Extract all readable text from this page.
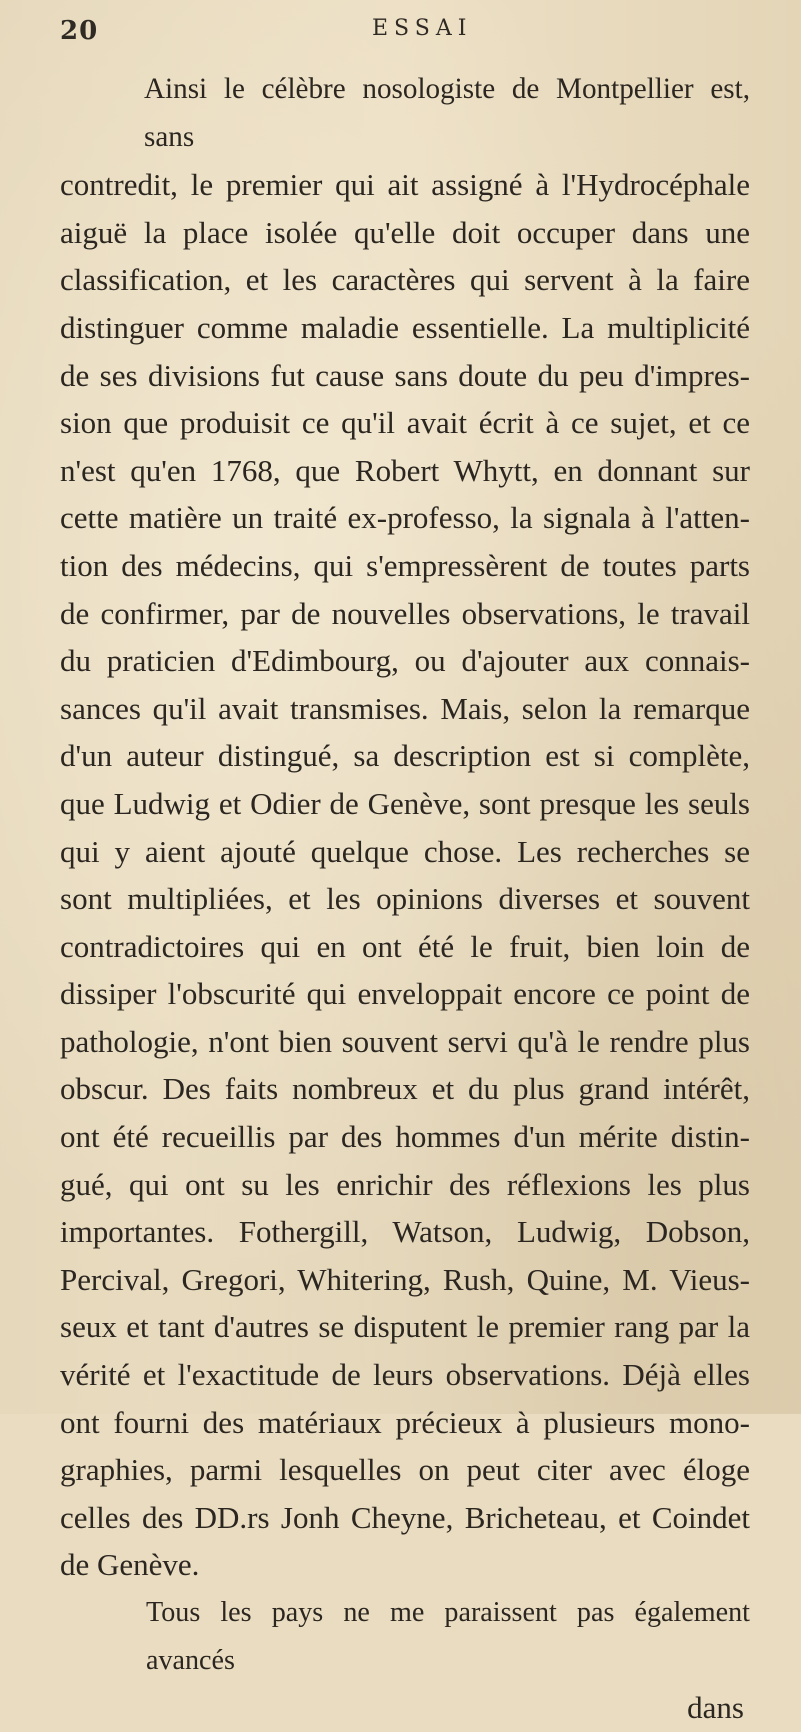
20	ESSAI
Ainsi le célèbre nosologiste de Montpellier est, sans
contredit, le premier qui ait assigné à l'Hydrocéphale
aiguë la place isolée qu'elle doit occuper dans une
classification, et les caractères qui servent à la faire
distinguer comme maladie essentielle. La multiplicité
de ses divisions fut cause sans doute du peu d'impres-
sion que produisit ce qu'il avait écrit à ce sujet, et ce
n'est qu'en 1768, que Robert Whytt, en donnant sur
cette matière un traité ex-professo, la signala à l'atten-
tion des médecins, qui s'empressèrent de toutes parts
de confirmer, par de nouvelles observations, le travail
du praticien d'Edimbourg, ou d'ajouter aux connais-
sances qu'il avait transmises. Mais, selon la remarque
d'un auteur distingué, sa description est si complète,
que Ludwig et Odier de Genève, sont presque les seuls
qui y aient ajouté quelque chose. Les recherches se
sont multipliées, et les opinions diverses et souvent
contradictoires qui en ont été le fruit, bien loin de
dissiper l'obscurité qui enveloppait encore ce point de
pathologie, n'ont bien souvent servi qu'à le rendre plus
obscur. Des faits nombreux et du plus grand intérêt,
ont été recueillis par des hommes d'un mérite distin-
gué, qui ont su les enrichir des réflexions les plus
importantes. Fothergill, Watson, Ludwig, Dobson,
Percival, Gregori, Whitering, Rush, Quine, M. Vieus-
seux et tant d'autres se disputent le premier rang par la
vérité et l'exactitude de leurs observations. Déjà elles
ont fourni des matériaux précieux à plusieurs mono-
graphies, parmi lesquelles on peut citer avec éloge
celles des DD.rs Jonh Cheyne, Bricheteau, et Coindet
de Genève.
Tous les pays ne me paraissent pas également avancés
dans
